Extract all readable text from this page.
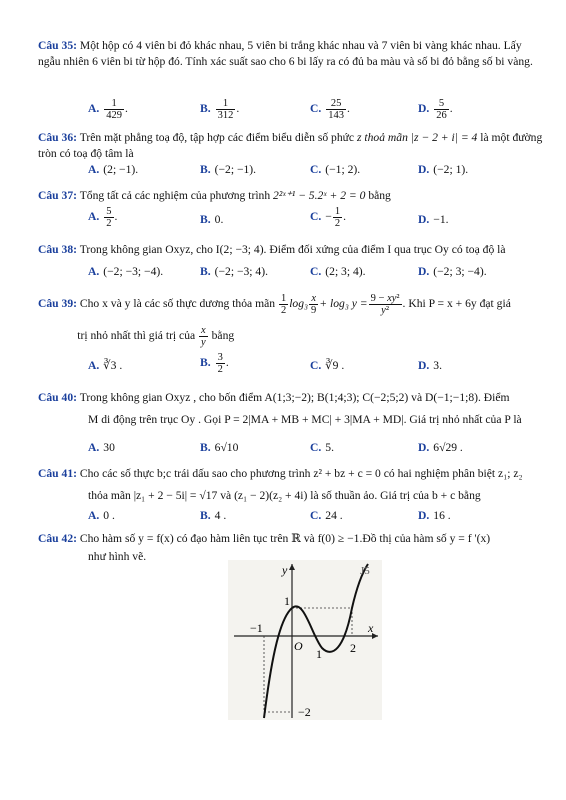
Câu 35: Một hộp có 4 viên bi đỏ khác nhau, 5 viên bi trắng khác nhau và 7 viên bi vàng khác nhau. Lấy ngẫu nhiên 6 viên bi từ hộp đó. Tính xác suất sao cho 6 bi lấy ra có đủ ba màu và số bi đỏ bằng số bi vàng.
A. $\frac{1}{429}$ .	B. $\frac{1}{312}$ .	C. $\frac{25}{143}$ .	D. $\frac{5}{26}$ .
Câu 36: Trên mặt phẳng toạ độ, tập hợp các điểm biểu diễn số phức z thoả mãn |z − 2 + i| = 4 là một đường tròn có toạ độ tâm là
A. (2; −1).	B. (−2; −1).	C. (−1; 2).	D. (−2; 1).
Câu 37: Tổng tất cả các nghiệm của phương trình 2²ˣ⁺¹ − 5.2ˣ + 2 = 0 bằng
A. $\frac{5}{2}$ .	B. 0.	C. − $\frac{1}{2}$ .	D. −1.
Câu 38: Trong không gian Oxyz, cho I(2; −3; 4). Điểm đối xứng của điểm I qua trục Oy có toạ độ là
A. (−2; −3; −4).	B. (−2; −3; 4).	C. (2; 3; 4).	D. (−2; 3; −4).
Câu 39: Cho x và y là các số thực dương thỏa mãn $\frac{1}{2} \log_3 \frac{x}{9} + \log_3$ $y = \frac{\text{9 − xy²}}{\text{y²}}$ . Khi P = x + 6y đạt giá
trị nhỏ nhất thì giá trị của $\frac{x}{y}$ bằng
A. ∛3 .	B. $\frac{3}{2}$ .	C. ∛9 .	D. 3.
Câu 40: Trong không gian Oxyz , cho bốn điểm A(1;3;−2); B(1;4;3); C(−2;5;2) và D(−1;−1;8). Điểm
M di động trên trục Oy . Gọi P = 2|MA + MB + MC| + 3|MA + MD|. Giá trị nhỏ nhất của P là
A. 30	B. 6√10	C. 5.	D. 6√29 .
Câu 41: Cho các số thực b;c trái dấu sao cho phương trình z² + bz + c = 0 có hai nghiệm phân biệt z₁; z₂
thỏa mãn |z₁ + 2 − 5i| = √17 và (z₁ − 2)(z₂ + 4i) là số thuần ảo. Giá trị của b + c bằng
A. 0 .	B. 4 .	C. 24 .	D. 16 .
Câu 42: Cho hàm số y = f(x) có đạo hàm liên tục trên ℝ và f(0) ≥ −1.Đồ thị của hàm số y = f '(x)
như hình vẽ.
x
y
O
−1
1 2
1
−2
J5
